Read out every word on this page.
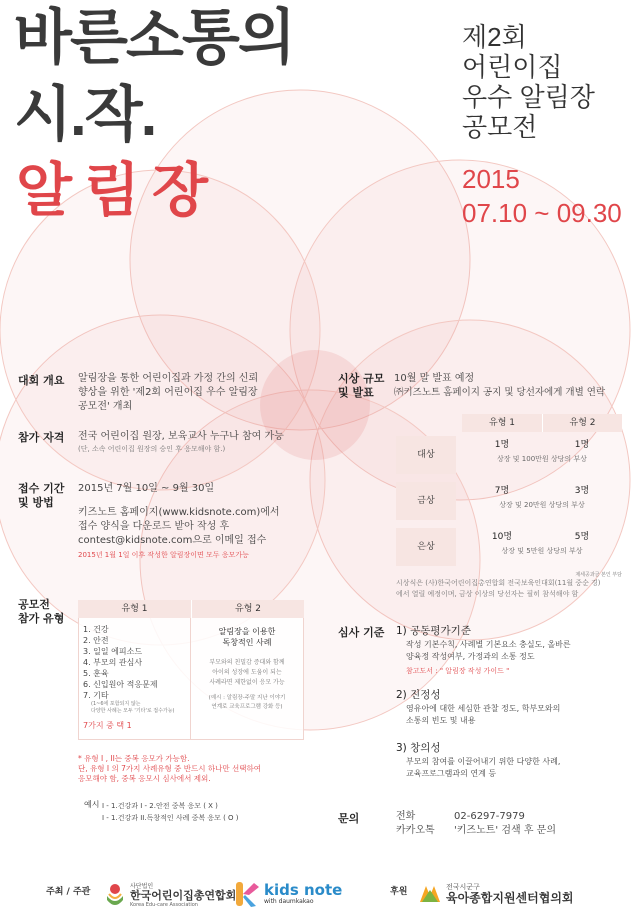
바른소통의
시.작.
알림장
제2회
어린이집
우수 알림장
공모전
2015
07.10 ~ 09.30
대회 개요 알림장을 통한 어린이집과 가정 간의 신뢰
향상을 위한 '제2회 어린이집 우수 알림장
공모전' 개최
참가 자격 전국 어린이집 원장, 보육교사 누구나 참여 가능
(단, 소속 어린이집 원장의 승인 후 응모해야 함.)
접수 기간
및 방법
2015년 7월 10일 ~ 9월 30일
키즈노트 홈페이지(www.kidsnote.com)에서
접수 양식을 다운로드 받아 작성 후
contest@kidsnote.com으로 이메일 접수
2015년 1월 1일 이후 작성한 알림장이면 모두 응모가능
공모전
참가 유형
유형 1	유형 2
1. 건강
2. 안전
3. 일일 에피소드
4. 부모의 관심사
5. 훈육
6. 신입원아 적응문제
7. 기타
(1~6에 포함되지 않는
다양한 사례는 모두 '기타'로 접수가능)
7가지 중 택 1
알림장을 이용한
독창적인 사례
부모와의 친밀감 증대와 함께
아이의 성장에 도움이 되는
사례라면 제한없이 응모 가능
(예시 : 알림장-주말 지난 이야기
연계로 교육프로그램 강화 등)
* 유형 I , II는 중복 응모가 가능함.
단, 유형 I 의 7가지 사례유형 중 반드시 하나만 선택하여
응모해야 함, 중복 응모시 심사에서 제외.
예시 I - 1.건강과 I - 2.안전 중복 응모 ( X )
I - 1.건강과 II.독창적인 사례 중복 응모 ( O )
시상 규모
및 발표
10월 말 발표 예정
㈜키즈노트 홈페이지 공지 및 당선자에게 개별 연락
유형 1	유형 2
대상
1명	1명
상장 및 100만원 상당의 부상
금상
7명	3명
상장 및 20만원 상당의 부상
은상
10명	5명
상장 및 5만원 상당의 부상
제세공과금 본인 부담
시상식은 (사)한국어린이집총연합회 전국보육인대회(11월 중순 경)
에서 열릴 예정이며, 금상 이상의 당선자는 필히 참석해야 함
심사 기준 1) 공동평가기준
작성 기본수칙, 사례별 기본요소 충실도, 올바른
양육정 작성여부, 가정과의 소통 정도
참고도서 : " 알림장 작성 가이드 "
2) 진정성
영유아에 대한 세심한 관찰 정도, 학부모와의
소통의 빈도 및 내용
3) 창의성
부모의 참여를 이끌어내기 위한 다양한 사례,
교육프로그램과의 연계 등
문의	전화	02-6297-7979
카카오톡	'키즈노트' 검색 후 문의
주최 / 주관
사단법인
한국어린이집총연합회
Korea Edu-care Association
kids note
with daumkakao
후원	전국시군구
육아종합지원센터협의회
